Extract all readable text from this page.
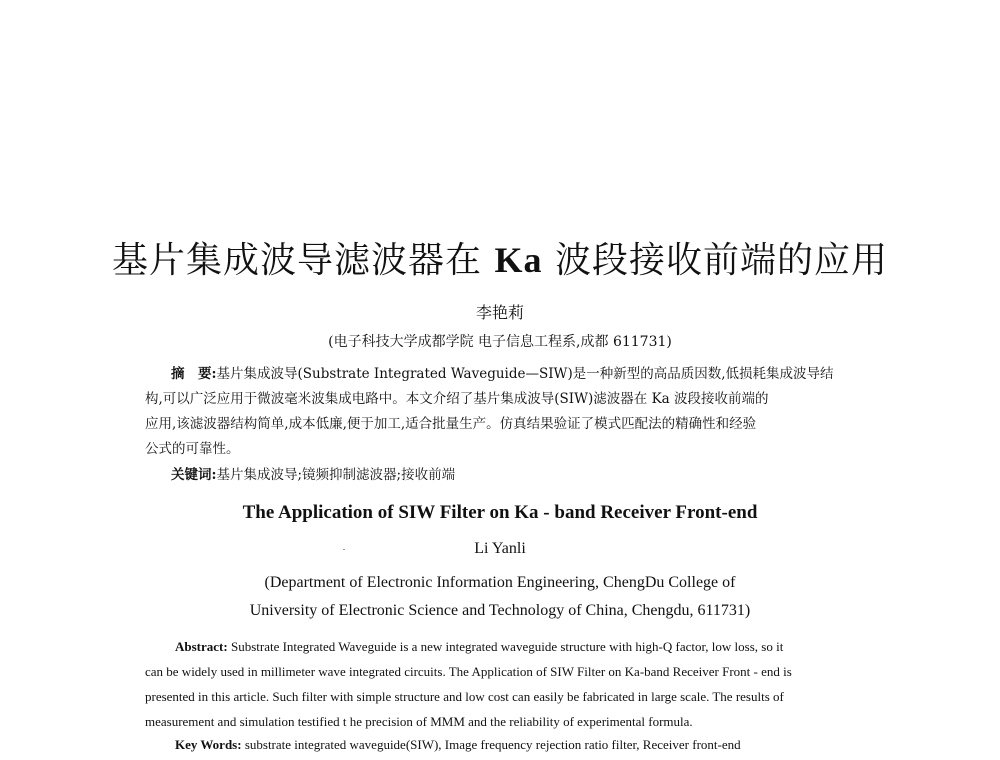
基片集成波导滤波器在 Ka 波段接收前端的应用
李艳莉
(电子科技大学成都学院 电子信息工程系,成都 611731)
摘　要:基片集成波导(Substrate Integrated Waveguide—SIW)是一种新型的高品质因数,低损耗集成波导结
构,可以广泛应用于微波毫米波集成电路中。本文介绍了基片集成波导(SIW)滤波器在 Ka 波段接收前端的
应用,该滤波器结构简单,成本低廉,便于加工,适合批量生产。仿真结果验证了模式匹配法的精确性和经验
公式的可靠性。
关键词:基片集成波导;镜频抑制滤波器;接收前端
The Application of SIW Filter on Ka - band Receiver Front-end
Li Yanli
(Department of Electronic Information Engineering, ChengDu College of
University of Electronic Science and Technology of China, Chengdu, 611731)
Abstract: Substrate Integrated Waveguide is a new integrated waveguide structure with high-Q factor, low loss, so it
can be widely used in millimeter wave integrated circuits. The Application of SIW Filter on Ka-band Receiver Front - end is
presented in this article. Such filter with simple structure and low cost can easily be fabricated in large scale. The results of
measurement and simulation testified t he precision of MMM and the reliability of experimental formula.
Key Words: substrate integrated waveguide(SIW), Image frequency rejection ratio filter, Receiver front-end
